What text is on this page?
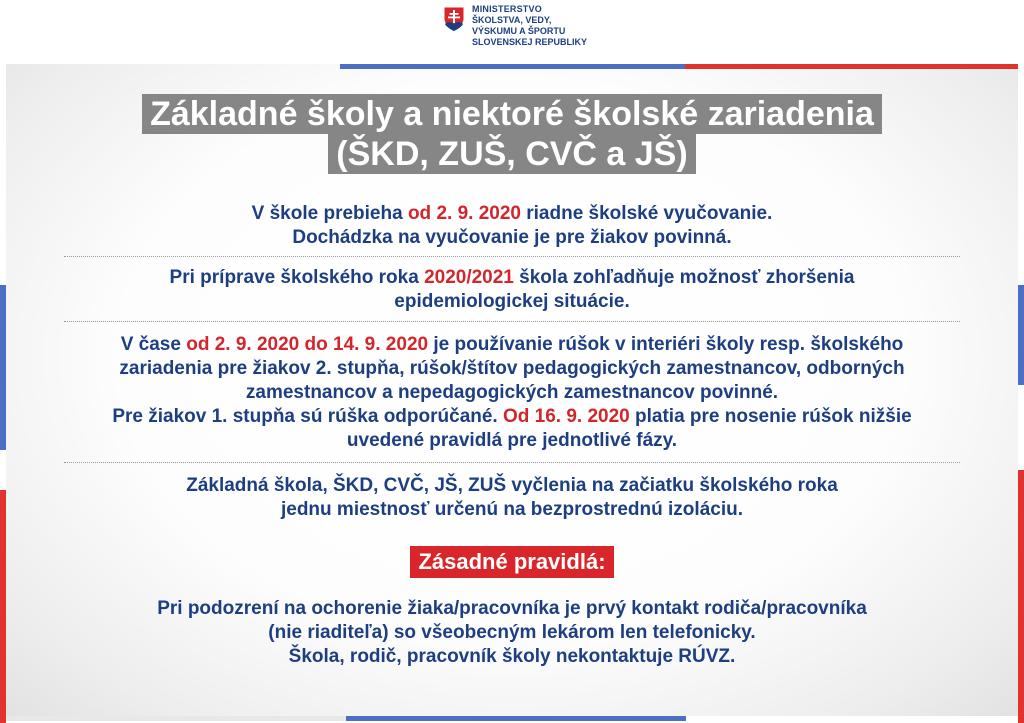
MINISTERSTVO
ŠKOLSTVA, VEDY,
VÝSKUMU A ŠPORTU
SLOVENSKEJ REPUBLIKY
Základné školy a niektoré školské zariadenia
(ŠKD, ZUŠ, CVČ a JŠ)
V škole prebieha od 2. 9. 2020 riadne školské vyučovanie.
Dochádzka na vyučovanie je pre žiakov povinná.
Pri príprave školského roka 2020/2021 škola zohľadňuje možnosť zhoršenia
epidemiologickej situácie.
V čase od 2. 9. 2020 do 14. 9. 2020 je používanie rúšok v interiéri školy resp. školského
zariadenia pre žiakov 2. stupňa, rúšok/štítov pedagogických zamestnancov, odborných
zamestnancov a nepedagogických zamestnancov povinné.
Pre žiakov 1. stupňa sú rúška odporúčané. Od 16. 9. 2020 platia pre nosenie rúšok nižšie
uvedené pravidlá pre jednotlivé fázy.
Základná škola, ŠKD, CVČ, JŠ, ZUŠ vyčlenia na začiatku školského roka
jednu miestnosť určenú na bezprostrednú izoláciu.
Zásadné pravidlá:
Pri podozrení na ochorenie žiaka/pracovníka je prvý kontakt rodiča/pracovníka
(nie riaditeľa) so všeobecným lekárom len telefonicky.
Škola, rodič, pracovník školy nekontaktuje RÚVZ.
